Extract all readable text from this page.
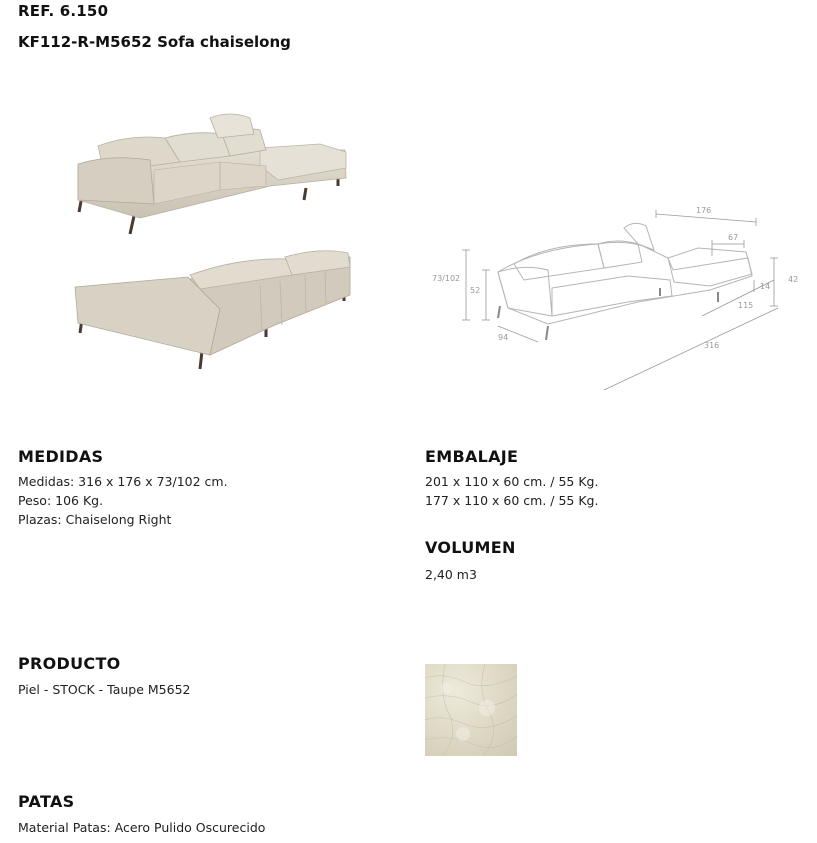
REF. 6.150
KF112-R-M5652 Sofa chaiselong
176
67
73/102
52
94
316
115
42
14
MEDIDAS
Medidas: 316 x 176 x 73/102 cm.
Peso: 106 Kg.
Plazas: Chaiselong Right
EMBALAJE
201 x 110 x 60 cm. / 55 Kg.
177 x 110 x 60 cm. / 55 Kg.
VOLUMEN
2,40 m3
PRODUCTO
Piel - STOCK - Taupe M5652
PATAS
Material Patas: Acero Pulido Oscurecido
